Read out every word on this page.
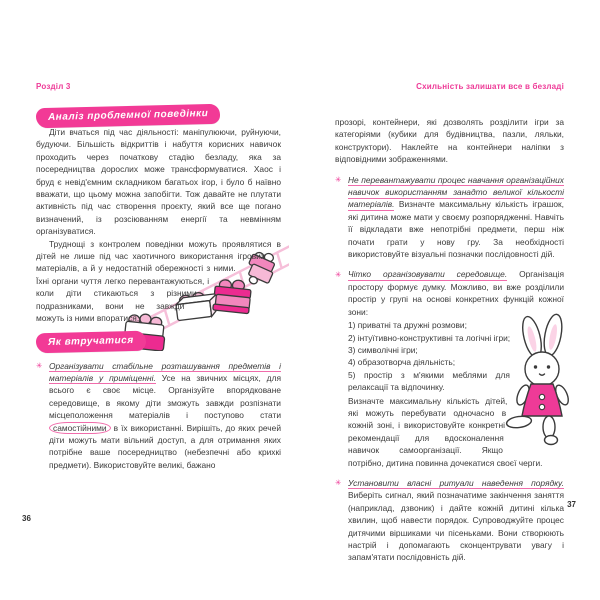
Розділ 3
Аналіз проблемної поведінки

Діти вчаться під час діяльності: маніпулюючи, руйнуючи, будуючи. Більшість відкриттів і набуття корисних навичок проходить через початкову стадію безладу, яка за посередництва дорослих може трансформуватися. Хаос і бруд є невід'ємним складником багатьох ігор, і було б наївно вважати, що цьому можна запобігти. Тож давайте не плутати активність під час створення проєкту, який все ще погано визначений, із розсіюванням енергії та невмінням організуватися.

Труднощі з контролем поведінки можуть проявлятися в дітей не лише під час хаотичного використання ігрових матеріалів, а й у недостатній обережності з ними. Їхні органи чуття легко перевантажуються, і коли діти стикаються з різними подразниками, вони не завжди можуть із ними впоратися.

Як втручатися
✳ Організувати стабільне розташування предметів і матеріалів у приміщенні. Усе на звичних місцях, для всього є своє місце. Організуйте впорядковане середовище, в якому діти зможуть завжди розпізнати місцеположення матеріалів і поступово стати самостійними в їх використанні. Вирішіть, до яких речей діти можуть мати вільний доступ, а для отримання яких потрібне ваше посередництво (небезпечні або крихкі предмети). Використовуйте великі, бажано
36
Схильність залишати все в безладі
прозорі, контейнери, які дозволять розділити ігри за категоріями (кубики для будівництва, пазли, ляльки, конструктори). Наклейте на контейнери наліпки з відповідними зображеннями.
✳ Не перевантажувати процес навчання організаційних навичок використанням занадто великої кількості матеріалів. Визначте максимальну кількість іграшок, які дитина може мати у своєму розпорядженні. Навчіть її відкладати вже непотрібні предмети, перш ніж почати грати у нову гру. За необхідності використовуйте візуальні позначки послідовності дій.
✳ Чітко організовувати середовище. Організація простору формує думку. Можливо, ви вже розділили простір у групі на основі конкретних функцій кожної зони:
1) приватні та дружні розмови;
2) інтуїтивно-конструктивні та логічні ігри;
3) символічні ігри;
4) образотворча діяльність;
5) простір з м'якими меблями для релаксації та відпочинку.
Визначте максимальну кількість дітей, які можуть перебувати одночасно в кожній зоні, і використовуйте конкретні рекомендації для вдосконалення навичок самоорганізації. Якщо потрібно, дитина повинна дочекатися своєї черги.
✳ Установити власні ритуали наведення порядку. Виберіть сигнал, який позначатиме закінчення заняття (наприклад, дзвоник) і дайте кожній дитині кілька хвилин, щоб навести порядок. Супроводжуйте процес дитячими віршиками чи пісеньками. Вони створюють настрій і допомагають сконцентрувати увагу і запам'ятати послідовність дій.
37
